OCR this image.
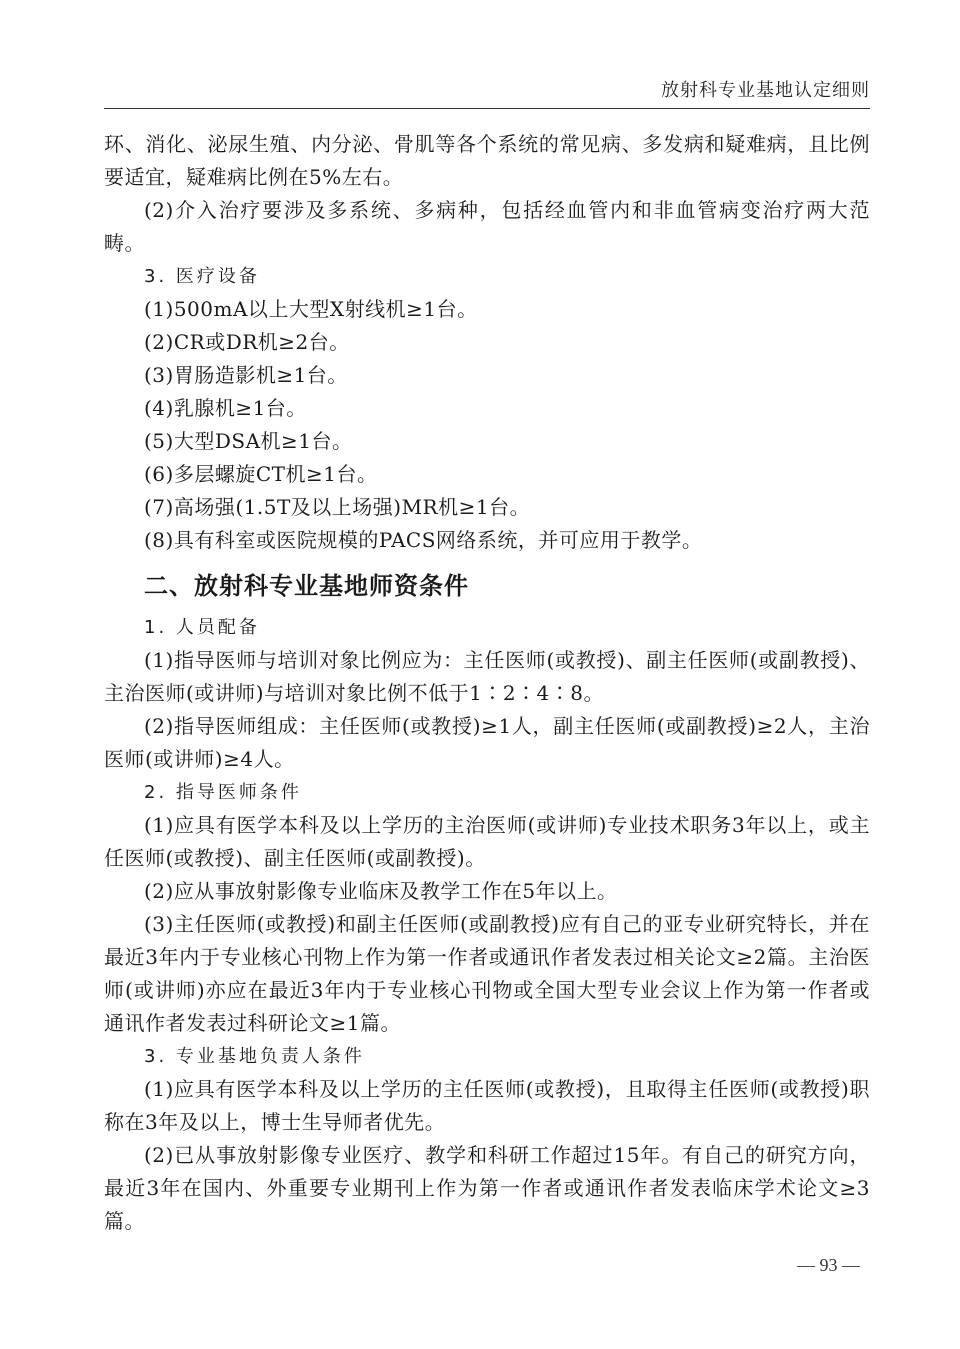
放射科专业基地认定细则

环、消化、泌尿生殖、内分泌、骨肌等各个系统的常见病、多发病和疑难病，且比例要适宜，疑难病比例在5%左右。

(2)介入治疗要涉及多系统、多病种，包括经血管内和非血管病变治疗两大范畴。

3. 医疗设备

(1)500mA以上大型X射线机≥1台。

(2)CR或DR机≥2台。

(3)胃肠造影机≥1台。

(4)乳腺机≥1台。

(5)大型DSA机≥1台。

(6)多层螺旋CT机≥1台。

(7)高场强(1.5T及以上场强)MR机≥1台。

(8)具有科室或医院规模的PACS网络系统，并可应用于教学。

二、放射科专业基地师资条件

1. 人员配备

(1)指导医师与培训对象比例应为：主任医师(或教授)、副主任医师(或副教授)、主治医师(或讲师)与培训对象比例不低于1∶2∶4∶8。

(2)指导医师组成：主任医师(或教授)≥1人，副主任医师(或副教授)≥2人，主治医师(或讲师)≥4人。

2. 指导医师条件

(1)应具有医学本科及以上学历的主治医师(或讲师)专业技术职务3年以上，或主任医师(或教授)、副主任医师(或副教授)。

(2)应从事放射影像专业临床及教学工作在5年以上。

(3)主任医师(或教授)和副主任医师(或副教授)应有自己的亚专业研究特长，并在最近3年内于专业核心刊物上作为第一作者或通讯作者发表过相关论文≥2篇。主治医师(或讲师)亦应在最近3年内于专业核心刊物或全国大型专业会议上作为第一作者或通讯作者发表过科研论文≥1篇。

3. 专业基地负责人条件

(1)应具有医学本科及以上学历的主任医师(或教授)，且取得主任医师(或教授)职称在3年及以上，博士生导师者优先。

(2)已从事放射影像专业医疗、教学和科研工作超过15年。有自己的研究方向，最近3年在国内、外重要专业期刊上作为第一作者或通讯作者发表临床学术论文≥3篇。

— 93 —
